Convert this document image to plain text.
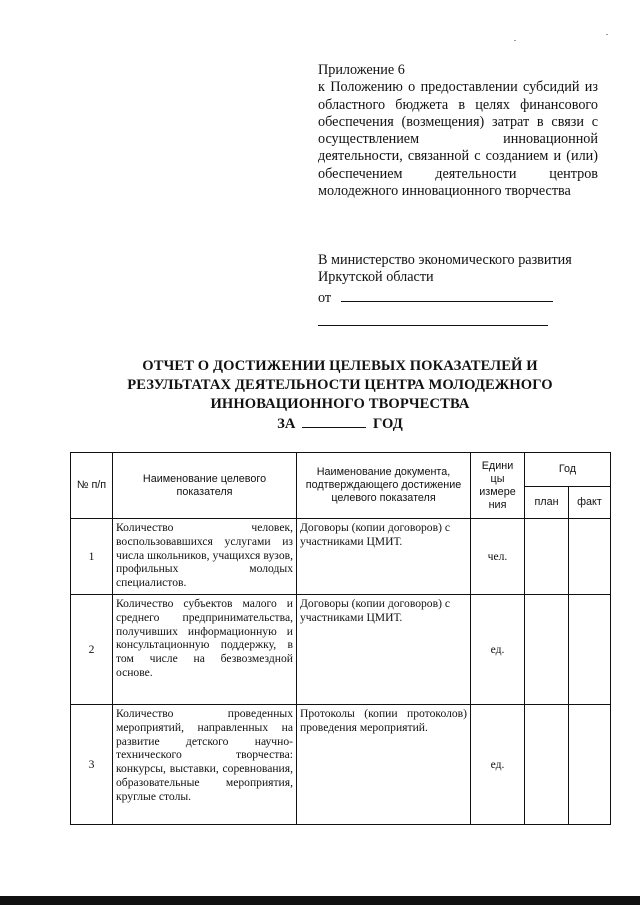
Приложение 6
к Положению о предоставлении субсидий из областного бюджета в целях финансового обеспечения (возмещения) затрат в связи с осуществлением инновационной деятельности, связанной с созданием и (или) обеспечением деятельности центров молодежного инновационного творчества
В министерство экономического развития
Иркутской области
от
ОТЧЕТ О ДОСТИЖЕНИИ ЦЕЛЕВЫХ ПОКАЗАТЕЛЕЙ И
РЕЗУЛЬТАТАХ ДЕЯТЕЛЬНОСТИ ЦЕНТРА МОЛОДЕЖНОГО
ИННОВАЦИОННОГО ТВОРЧЕСТВА
ЗА	ГОД
№ п/п	Наименование целевого показателя	Наименование документа, подтверждающего достижение целевого показателя	Едини цы измере ния	Год	
				план	факт
1	Количество человек, воспользовавшихся услугами из числа школьников, учащихся вузов, профильных молодых специалистов.	Договоры (копии договоров) с участниками ЦМИТ.	чел.		
2	Количество субъектов малого и среднего предпринимательства, получивших информационную и консультационную поддержку, в том числе на безвозмездной основе.	Договоры (копии договоров) с участниками ЦМИТ.	ед.		
3	Количество проведенных мероприятий, направленных на развитие детского научно-технического творчества: конкурсы, выставки, соревнования, образовательные мероприятия, круглые столы.	Протоколы (копии протоколов) проведения мероприятий.	ед.		
